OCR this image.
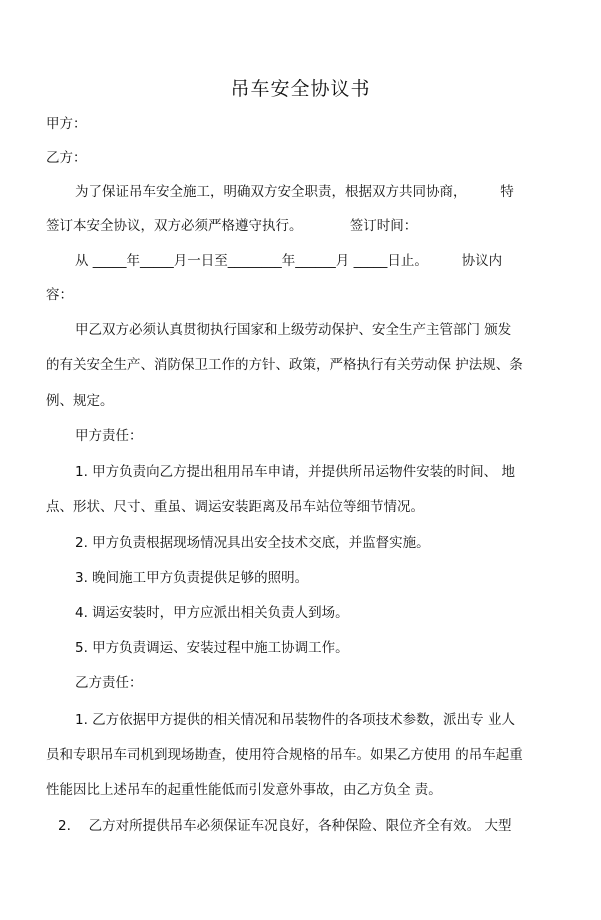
吊车安全协议书
甲方：
乙方：
为了保证吊车安全施工，明确双方安全职责，根据双方共同协商，　　　特
签订本安全协议，双方必须严格遵守执行。　　　　签订时间：
从 _____年_____月一日至________年______月 _____日止。　　　协议内
容：
甲乙双方必须认真贯彻执行国家和上级劳动保护、安全生产主管部门 颁发
的有关安全生产、消防保卫工作的方针、政策，严格执行有关劳动保 护法规、条
例、规定。
甲方责任：
1. 甲方负责向乙方提出租用吊车申请，并提供所吊运物件安装的时间、 地
点、形状、尺寸、重虽、调运安装距离及吊车站位等细节情况。
2. 甲方负责根据现场情况具出安全技术交底，并监督实施。
3. 晚间施工甲方负责提供足够的照明。
4. 调运安装时，甲方应派出相关负责人到场。
5. 甲方负责调运、安装过程中施工协调工作。
乙方责任：
1. 乙方依据甲方提供的相关情况和吊装物件的各项技术参数，派出专 业人
员和专职吊车司机到现场勘查，使用符合规格的吊车。如果乙方使用 的吊车起重
性能因比上述吊车的起重性能低而引发意外事故，由乙方负全 责。
2.　 乙方对所提供吊车必须保证车况良好，各种保险、限位齐全有效。 大型
